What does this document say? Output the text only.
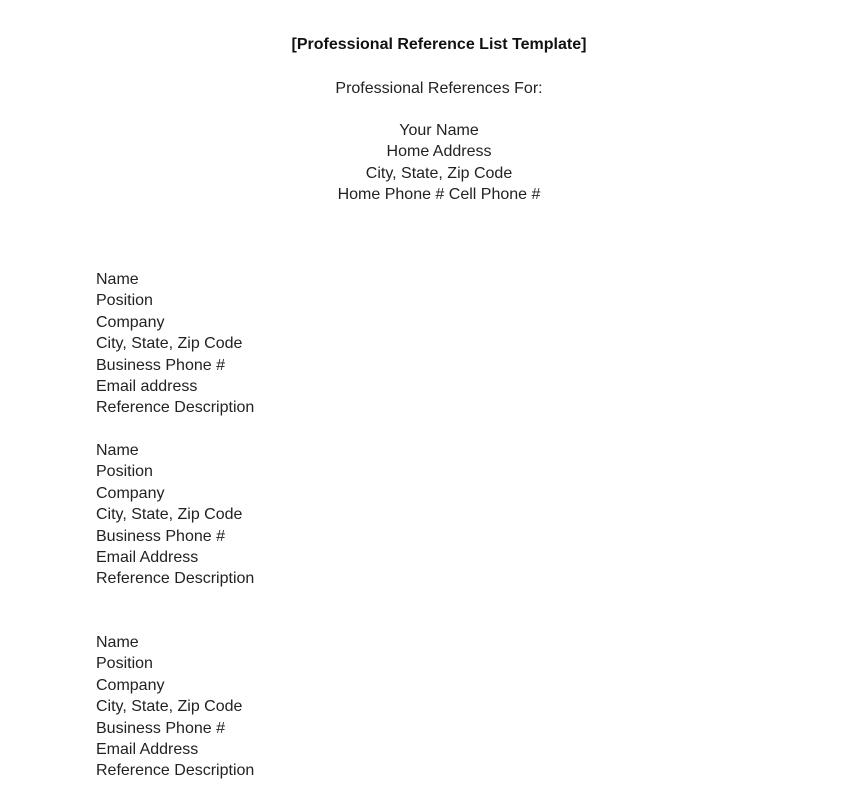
[Professional Reference List Template]
Professional References For:
Your Name
Home Address
City, State, Zip Code
Home Phone # Cell Phone #
Name
Position
Company
City, State, Zip Code
Business Phone #
Email address
Reference Description
Name
Position
Company
City, State, Zip Code
Business Phone #
Email Address
Reference Description
Name
Position
Company
City, State, Zip Code
Business Phone #
Email Address
Reference Description
